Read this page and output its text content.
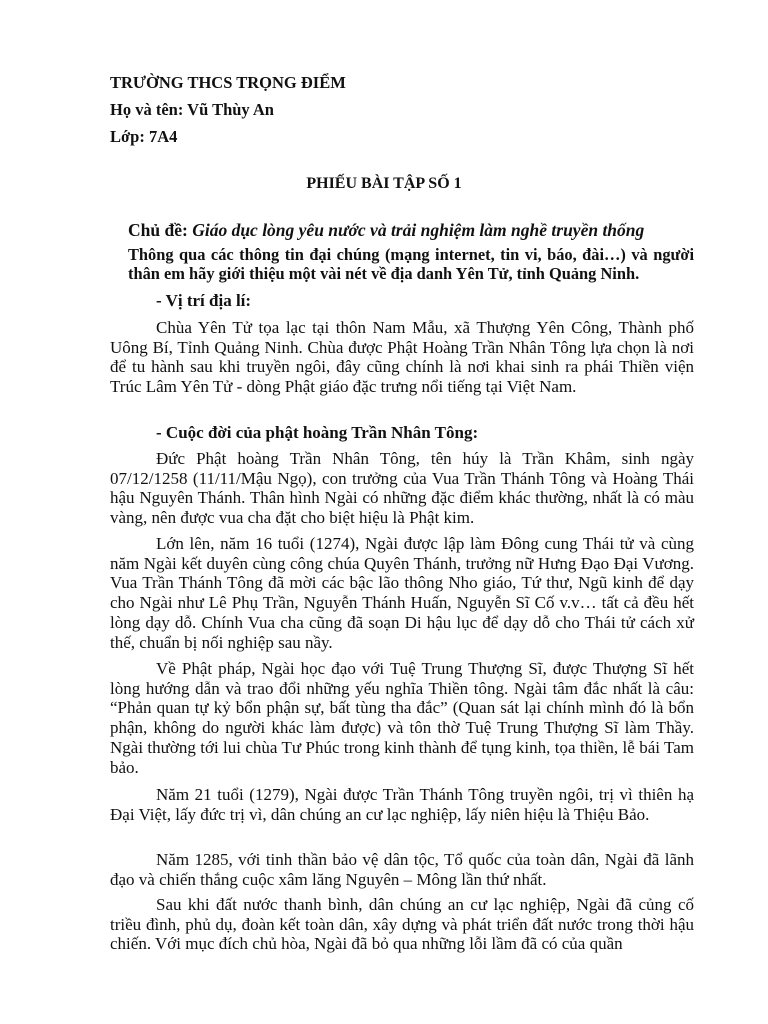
TRƯỜNG THCS TRỌNG ĐIỂM

Họ và tên: Vũ Thùy An

Lớp: 7A4

PHIẾU BÀI TẬP SỐ 1

Chủ đề: Giáo dục lòng yêu nước và trải nghiệm làm nghề truyền thống

Thông qua các thông tin đại chúng (mạng internet, tin vi, báo, đài…) và người thân em hãy giới thiệu một vài nét về địa danh Yên Tử, tỉnh Quảng Ninh.

- Vị trí địa lí:

Chùa Yên Tử tọa lạc tại thôn Nam Mẫu, xã Thượng Yên Công, Thành phố Uông Bí, Tỉnh Quảng Ninh. Chùa được Phật Hoàng Trần Nhân Tông lựa chọn là nơi để tu hành sau khi truyền ngôi, đây cũng chính là nơi khai sinh ra phái Thiền viện Trúc Lâm Yên Tử - dòng Phật giáo đặc trưng nổi tiếng tại Việt Nam.

- Cuộc đời của phật hoàng Trần Nhân Tông:

Đức Phật hoàng Trần Nhân Tông, tên húy là Trần Khâm, sinh ngày 07/12/1258 (11/11/Mậu Ngọ), con trưởng của Vua Trần Thánh Tông và Hoàng Thái hậu Nguyên Thánh. Thân hình Ngài có những đặc điểm khác thường, nhất là có màu vàng, nên được vua cha đặt cho biệt hiệu là Phật kim.

Lớn lên, năm 16 tuổi (1274), Ngài được lập làm Đông cung Thái tử và cùng năm Ngài kết duyên cùng công chúa Quyên Thánh, trưởng nữ Hưng Đạo Đại Vương. Vua Trần Thánh Tông đã mời các bậc lão thông Nho giáo, Tứ thư, Ngũ kinh để dạy cho Ngài như Lê Phụ Trần, Nguyễn Thánh Huấn, Nguyễn Sĩ Cố v.v… tất cả đều hết lòng dạy dỗ. Chính Vua cha cũng đã soạn Di hậu lục để dạy dỗ cho Thái tử cách xử thế, chuẩn bị nối nghiệp sau nầy.

Về Phật pháp, Ngài học đạo với Tuệ Trung Thượng Sĩ, được Thượng Sĩ hết lòng hướng dẫn và trao đổi những yếu nghĩa Thiền tông. Ngài tâm đắc nhất là câu: “Phản quan tự kỷ bổn phận sự, bất tùng tha đắc” (Quan sát lại chính mình đó là bổn phận, không do người khác làm được) và tôn thờ Tuệ Trung Thượng Sĩ làm Thầy. Ngài thường tới lui chùa Tư Phúc trong kinh thành để tụng kinh, tọa thiền, lễ bái Tam bảo.

Năm 21 tuổi (1279), Ngài được Trần Thánh Tông truyền ngôi, trị vì thiên hạ Đại Việt, lấy đức trị vì, dân chúng an cư lạc nghiệp, lấy niên hiệu là Thiệu Bảo.

Năm 1285, với tinh thần bảo vệ dân tộc, Tổ quốc của toàn dân, Ngài đã lãnh đạo và chiến thắng cuộc xâm lăng Nguyên – Mông lần thứ nhất.

Sau khi đất nước thanh bình, dân chúng an cư lạc nghiệp, Ngài đã củng cố triều đình, phủ dụ, đoàn kết toàn dân, xây dựng và phát triển đất nước trong thời hậu chiến. Với mục đích chủ hòa, Ngài đã bỏ qua những lỗi lầm đã có của quần
